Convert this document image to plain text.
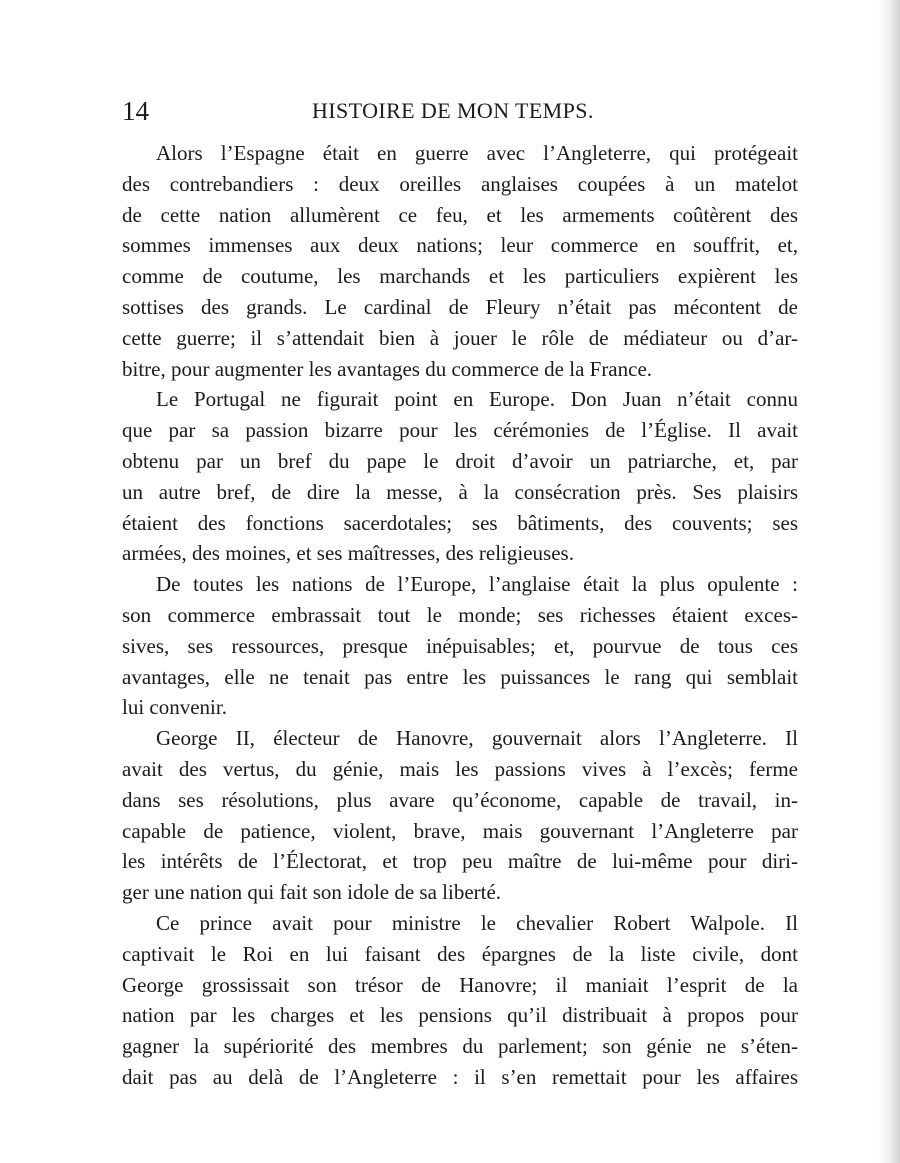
14	HISTOIRE DE MON TEMPS.

Alors l’Espagne était en guerre avec l’Angleterre, qui protégeait
des contrebandiers : deux oreilles anglaises coupées à un matelot
de cette nation allumèrent ce feu, et les armements coûtèrent des
sommes immenses aux deux nations; leur commerce en souffrit, et,
comme de coutume, les marchands et les particuliers expièrent les
sottises des grands. Le cardinal de Fleury n’était pas mécontent de
cette guerre; il s’attendait bien à jouer le rôle de médiateur ou d’ar-
bitre, pour augmenter les avantages du commerce de la France.

Le Portugal ne figurait point en Europe. Don Juan n’était connu
que par sa passion bizarre pour les cérémonies de l’Église. Il avait
obtenu par un bref du pape le droit d’avoir un patriarche, et, par
un autre bref, de dire la messe, à la consécration près. Ses plaisirs
étaient des fonctions sacerdotales; ses bâtiments, des couvents; ses
armées, des moines, et ses maîtresses, des religieuses.

De toutes les nations de l’Europe, l’anglaise était la plus opulente :
son commerce embrassait tout le monde; ses richesses étaient exces-
sives, ses ressources, presque inépuisables; et, pourvue de tous ces
avantages, elle ne tenait pas entre les puissances le rang qui semblait
lui convenir.

George II, électeur de Hanovre, gouvernait alors l’Angleterre. Il
avait des vertus, du génie, mais les passions vives à l’excès; ferme
dans ses résolutions, plus avare qu’économe, capable de travail, in-
capable de patience, violent, brave, mais gouvernant l’Angleterre par
les intérêts de l’Électorat, et trop peu maître de lui-même pour diri-
ger une nation qui fait son idole de sa liberté.

Ce prince avait pour ministre le chevalier Robert Walpole. Il
captivait le Roi en lui faisant des épargnes de la liste civile, dont
George grossissait son trésor de Hanovre; il maniait l’esprit de la
nation par les charges et les pensions qu’il distribuait à propos pour
gagner la supériorité des membres du parlement; son génie ne s’éten-
dait pas au delà de l’Angleterre : il s’en remettait pour les affaires
